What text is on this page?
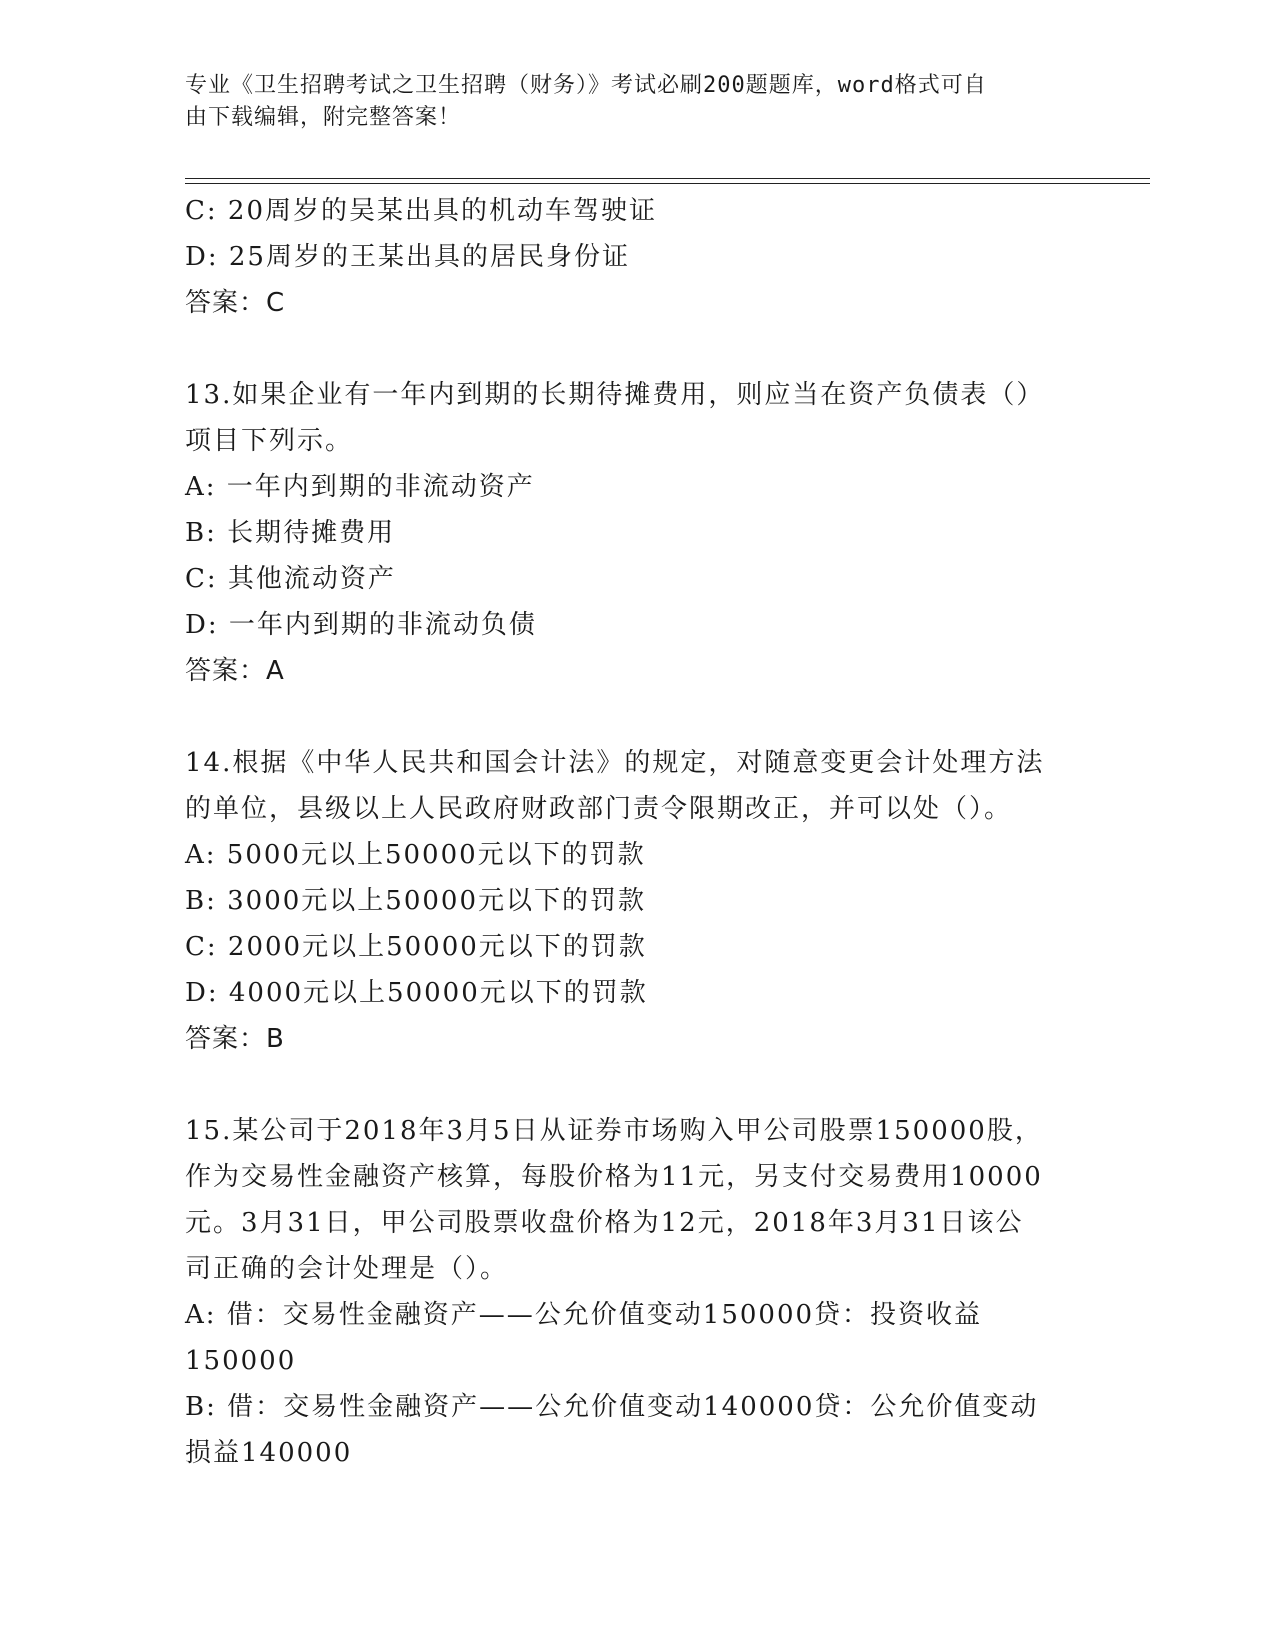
专业《卫生招聘考试之卫生招聘（财务）》考试必刷200题题库，word格式可自
由下载编辑，附完整答案！
C: 20周岁的吴某出具的机动车驾驶证
D: 25周岁的王某出具的居民身份证
答案：C
13.如果企业有一年内到期的长期待摊费用，则应当在资产负债表（）
项目下列示。
A: 一年内到期的非流动资产
B: 长期待摊费用
C: 其他流动资产
D: 一年内到期的非流动负债
答案：A
14.根据《中华人民共和国会计法》的规定，对随意变更会计处理方法
的单位，县级以上人民政府财政部门责令限期改正，并可以处（）。
A: 5000元以上50000元以下的罚款
B: 3000元以上50000元以下的罚款
C: 2000元以上50000元以下的罚款
D: 4000元以上50000元以下的罚款
答案：B
15.某公司于2018年3月5日从证券市场购入甲公司股票150000股，
作为交易性金融资产核算，每股价格为11元，另支付交易费用10000
元。3月31日，甲公司股票收盘价格为12元，2018年3月31日该公
司正确的会计处理是（）。
A: 借：交易性金融资产——公允价值变动150000贷：投资收益
150000
B: 借：交易性金融资产——公允价值变动140000贷：公允价值变动
损益140000
